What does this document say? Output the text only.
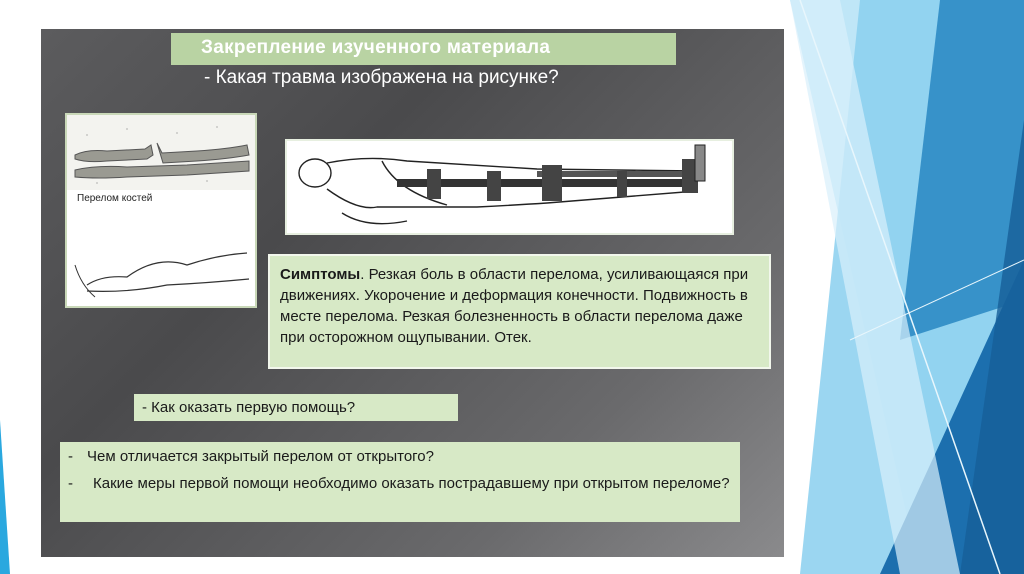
Закрепление изученного материала
- Какая травма изображена на рисунке?
Перелом костей
Симптомы. Резкая боль в области перелома, усиливающаяся при движениях. Укорочение и деформация конечности. Подвижность в месте перелома. Резкая болезненность в области перелома даже при осторожном ощупывании. Отек.
- Как оказать первую помощь?
- Чем отличается закрытый перелом от открытого?
- Какие меры первой помощи необходимо оказать пострадавшему при открытом переломе?
